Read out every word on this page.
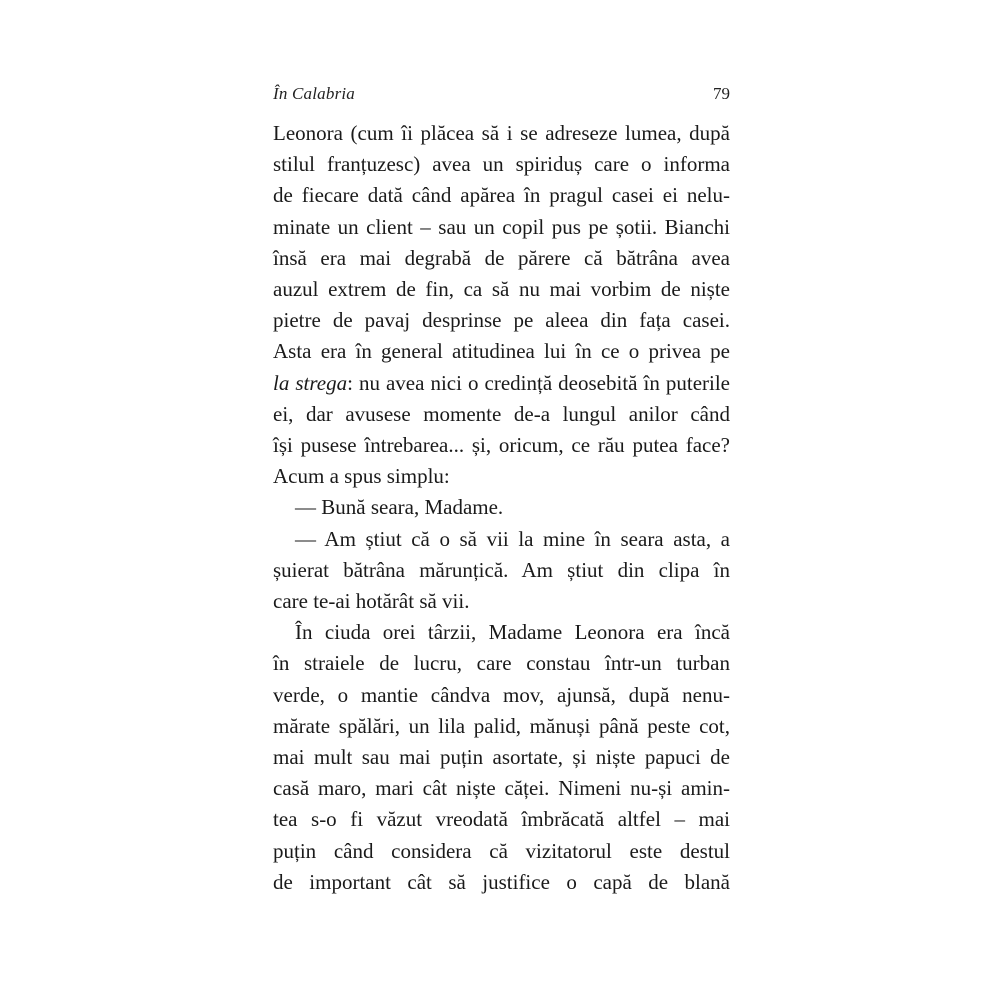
În Calabria	79
Leonora (cum îi plăcea să i se adreseze lumea, după
stilul franțuzesc) avea un spiriduș care o informa
de fiecare dată când apărea în pragul casei ei nelu-
minate un client – sau un copil pus pe șotii. Bianchi
însă era mai degrabă de părere că bătrâna avea
auzul extrem de fin, ca să nu mai vorbim de niște
pietre de pavaj desprinse pe aleea din fața casei.
Asta era în general atitudinea lui în ce o privea pe
la strega: nu avea nici o credință deosebită în puterile
ei, dar avusese momente de-a lungul anilor când
își pusese întrebarea... și, oricum, ce rău putea face?
Acum a spus simplu:
— Bună seara, Madame.
— Am știut că o să vii la mine în seara asta, a
șuierat bătrâna mărunțică. Am știut din clipa în
care te-ai hotărât să vii.
În ciuda orei târzii, Madame Leonora era încă
în straiele de lucru, care constau într-un turban
verde, o mantie cândva mov, ajunsă, după nenu-
mărate spălări, un lila palid, mănuși până peste cot,
mai mult sau mai puțin asortate, și niște papuci de
casă maro, mari cât niște căței. Nimeni nu-și amin-
tea s-o fi văzut vreodată îmbrăcată altfel – mai
puțin când considera că vizitatorul este destul
de important cât să justifice o capă de blană
